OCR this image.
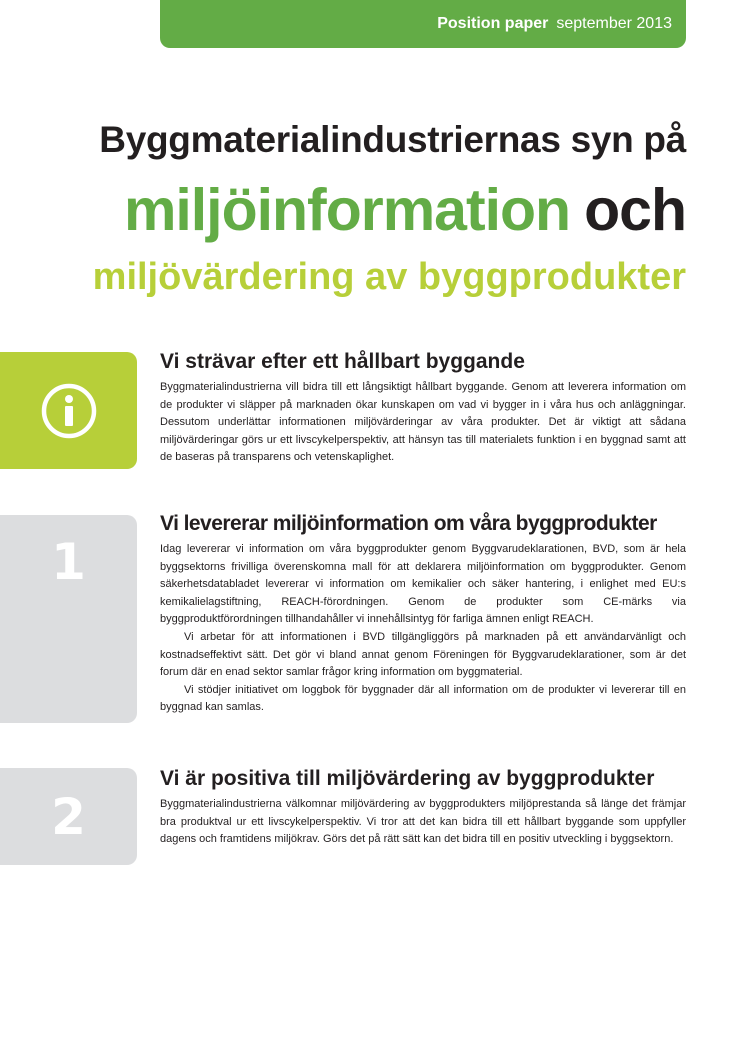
Position paper september 2013
Byggmaterialindustriernas syn på
miljöinformation och
miljövärdering av byggprodukter
1
2
Vi strävar efter ett hållbart byggande

Byggmaterialindustrierna vill bidra till ett långsiktigt hållbart byggande. Genom att leverera information om de produkter vi släpper på marknaden ökar kunskapen om vad vi bygger in i våra hus och anläggningar. Dessutom underlättar informationen miljövärderingar av våra produkter. Det är viktigt att sådana miljövärderingar görs ur ett livscykelperspektiv, att hänsyn tas till materialets funktion i en byggnad samt att de baseras på transparens och vetenskaplighet.

Vi levererar miljöinformation om våra byggprodukter

Idag levererar vi information om våra byggprodukter genom Byggvarudeklarationen, BVD, som är hela byggsektorns frivilliga överenskomna mall för att deklarera miljöinformation om byggprodukter. Genom säkerhetsdatabladet levererar vi information om kemikalier och säker hantering, i enlighet med EU:s kemikalielagstiftning, REACH-förordningen. Genom de produkter som CE-märks via byggproduktförordningen tillhandahåller vi innehållsintyg för farliga ämnen enligt REACH.

Vi arbetar för att informationen i BVD tillgängliggörs på marknaden på ett användarvänligt och kostnadseffektivt sätt. Det gör vi bland annat genom Föreningen för Byggvarudeklarationer, som är det forum där en enad sektor samlar frågor kring information om byggmaterial.

Vi stödjer initiativet om loggbok för byggnader där all information om de produkter vi levererar till en byggnad kan samlas.

Vi är positiva till miljövärdering av byggprodukter

Byggmaterialindustrierna välkomnar miljövärdering av byggprodukters miljöprestanda så länge det främjar bra produktval ur ett livscykelperspektiv. Vi tror att det kan bidra till ett hållbart byggande som uppfyller dagens och framtidens miljökrav. Görs det på rätt sätt kan det bidra till en positiv utveckling i byggsektorn.
